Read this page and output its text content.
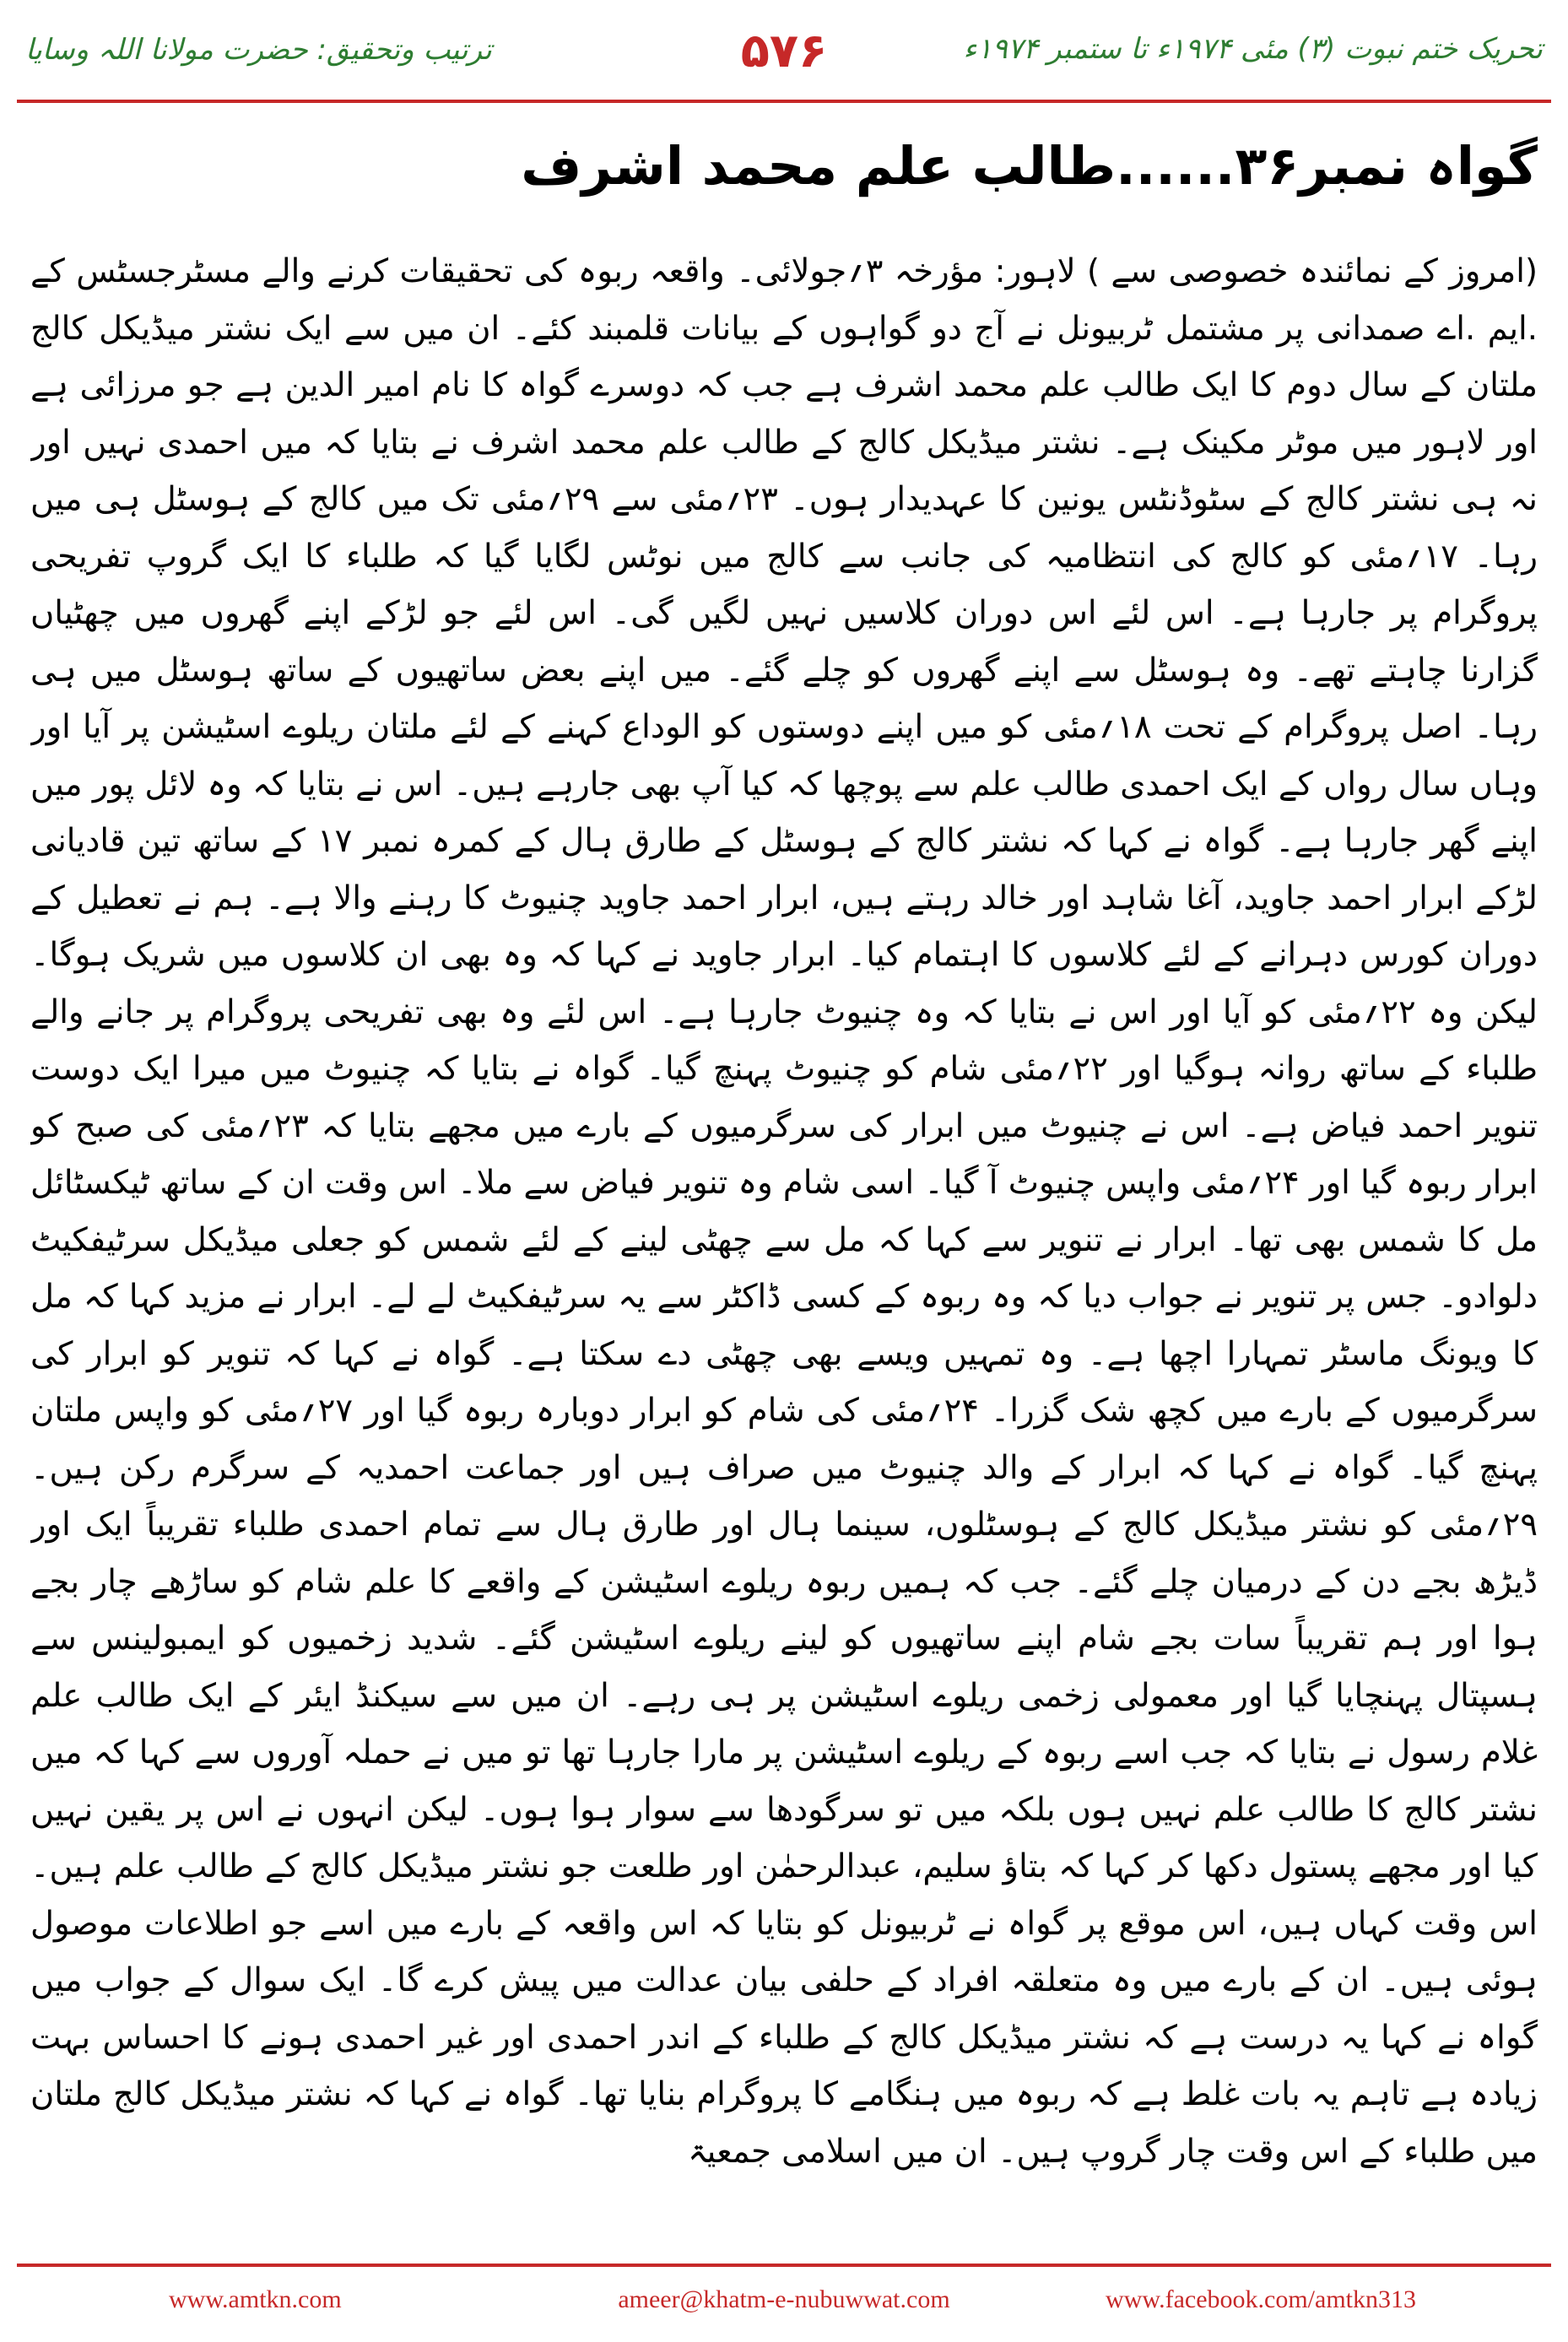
ترتیب وتحقیق: حضرت مولانا اللہ وسایا	۵۷۶	تحریک ختم نبوت (۳) مئی ۱۹۷۴ء تا ستمبر ۱۹۷۴ء
گواہ نمبر۳۶......طالب علم محمد اشرف
(امروز کے نمائندہ خصوصی سے ) لاہور: مؤرخہ ۳؍جولائی۔ واقعہ ربوہ کی تحقیقات کرنے والے مسٹرجسٹس کے .ایم .اے صمدانی پر مشتمل ٹربیونل نے آج دو گواہوں کے بیانات قلمبند کئے۔ ان میں سے ایک نشتر میڈیکل کالج ملتان کے سال دوم کا ایک طالب علم محمد اشرف ہے جب کہ دوسرے گواہ کا نام امیر الدین ہے جو مرزائی ہے اور لاہور میں موٹر مکینک ہے۔ نشتر میڈیکل کالج کے طالب علم محمد اشرف نے بتایا کہ میں احمدی نہیں اور نہ ہی نشتر کالج کے سٹوڈنٹس یونین کا عہدیدار ہوں۔ ۲۳؍مئی سے ۲۹؍مئی تک میں کالج کے ہوسٹل ہی میں رہا۔ ۱۷؍مئی کو کالج کی انتظامیہ کی جانب سے کالج میں نوٹس لگایا گیا کہ طلباء کا ایک گروپ تفریحی پروگرام پر جارہا ہے۔ اس لئے اس دوران کلاسیں نہیں لگیں گی۔ اس لئے جو لڑکے اپنے گھروں میں چھٹیاں گزارنا چاہتے تھے۔ وہ ہوسٹل سے اپنے گھروں کو چلے گئے۔ میں اپنے بعض ساتھیوں کے ساتھ ہوسٹل میں ہی رہا۔ اصل پروگرام کے تحت ۱۸؍مئی کو میں اپنے دوستوں کو الوداع کہنے کے لئے ملتان ریلوے اسٹیشن پر آیا اور وہاں سال رواں کے ایک احمدی طالب علم سے پوچھا کہ کیا آپ بھی جارہے ہیں۔ اس نے بتایا کہ وہ لائل پور میں اپنے گھر جارہا ہے۔ گواہ نے کہا کہ نشتر کالج کے ہوسٹل کے طارق ہال کے کمرہ نمبر ۱۷ کے ساتھ تین قادیانی لڑکے ابرار احمد جاوید، آغا شاہد اور خالد رہتے ہیں، ابرار احمد جاوید چنیوٹ کا رہنے والا ہے۔ ہم نے تعطیل کے دوران کورس دہرانے کے لئے کلاسوں کا اہتمام کیا۔ ابرار جاوید نے کہا کہ وہ بھی ان کلاسوں میں شریک ہوگا۔ لیکن وہ ۲۲؍مئی کو آیا اور اس نے بتایا کہ وہ چنیوٹ جارہا ہے۔ اس لئے وہ بھی تفریحی پروگرام پر جانے والے طلباء کے ساتھ روانہ ہوگیا اور ۲۲؍مئی شام کو چنیوٹ پہنچ گیا۔ گواہ نے بتایا کہ چنیوٹ میں میرا ایک دوست تنویر احمد فیاض ہے۔ اس نے چنیوٹ میں ابرار کی سرگرمیوں کے بارے میں مجھے بتایا کہ ۲۳؍مئی کی صبح کو ابرار ربوہ گیا اور ۲۴؍مئی واپس چنیوٹ آ گیا۔ اسی شام وہ تنویر فیاض سے ملا۔ اس وقت ان کے ساتھ ٹیکسٹائل مل کا شمس بھی تھا۔ ابرار نے تنویر سے کہا کہ مل سے چھٹی لینے کے لئے شمس کو جعلی میڈیکل سرٹیفکیٹ دلوادو۔ جس پر تنویر نے جواب دیا کہ وہ ربوہ کے کسی ڈاکٹر سے یہ سرٹیفکیٹ لے لے۔ ابرار نے مزید کہا کہ مل کا ویونگ ماسٹر تمہارا اچھا ہے۔ وہ تمہیں ویسے بھی چھٹی دے سکتا ہے۔ گواہ نے کہا کہ تنویر کو ابرار کی سرگرمیوں کے بارے میں کچھ شک گزرا۔ ۲۴؍مئی کی شام کو ابرار دوبارہ ربوہ گیا اور ۲۷؍مئی کو واپس ملتان پہنچ گیا۔ گواہ نے کہا کہ ابرار کے والد چنیوٹ میں صراف ہیں اور جماعت احمدیہ کے سرگرم رکن ہیں۔ ۲۹؍مئی کو نشتر میڈیکل کالج کے ہوسٹلوں، سینما ہال اور طارق ہال سے تمام احمدی طلباء تقریباً ایک اور ڈیڑھ بجے دن کے درمیان چلے گئے۔ جب کہ ہمیں ربوہ ریلوے اسٹیشن کے واقعے کا علم شام کو ساڑھے چار بجے ہوا اور ہم تقریباً سات بجے شام اپنے ساتھیوں کو لینے ریلوے اسٹیشن گئے۔ شدید زخمیوں کو ایمبولینس سے ہسپتال پہنچایا گیا اور معمولی زخمی ریلوے اسٹیشن پر ہی رہے۔ ان میں سے سیکنڈ ایئر کے ایک طالب علم غلام رسول نے بتایا کہ جب اسے ربوہ کے ریلوے اسٹیشن پر مارا جارہا تھا تو میں نے حملہ آوروں سے کہا کہ میں نشتر کالج کا طالب علم نہیں ہوں بلکہ میں تو سرگودھا سے سوار ہوا ہوں۔ لیکن انہوں نے اس پر یقین نہیں کیا اور مجھے پستول دکھا کر کہا کہ بتاؤ سلیم، عبدالرحمٰن اور طلعت جو نشتر میڈیکل کالج کے طالب علم ہیں۔ اس وقت کہاں ہیں، اس موقع پر گواہ نے ٹربیونل کو بتایا کہ اس واقعہ کے بارے میں اسے جو اطلاعات موصول ہوئی ہیں۔ ان کے بارے میں وہ متعلقہ افراد کے حلفی بیان عدالت میں پیش کرے گا۔ ایک سوال کے جواب میں گواہ نے کہا یہ درست ہے کہ نشتر میڈیکل کالج کے طلباء کے اندر احمدی اور غیر احمدی ہونے کا احساس بہت زیادہ ہے تاہم یہ بات غلط ہے کہ ربوہ میں ہنگامے کا پروگرام بنایا تھا۔ گواہ نے کہا کہ نشتر میڈیکل کالج ملتان میں طلباء کے اس وقت چار گروپ ہیں۔ ان میں اسلامی جمعیۃ
www.amtkn.com	ameer@khatm-e-nubuwwat.com	www.facebook.com/amtkn313
